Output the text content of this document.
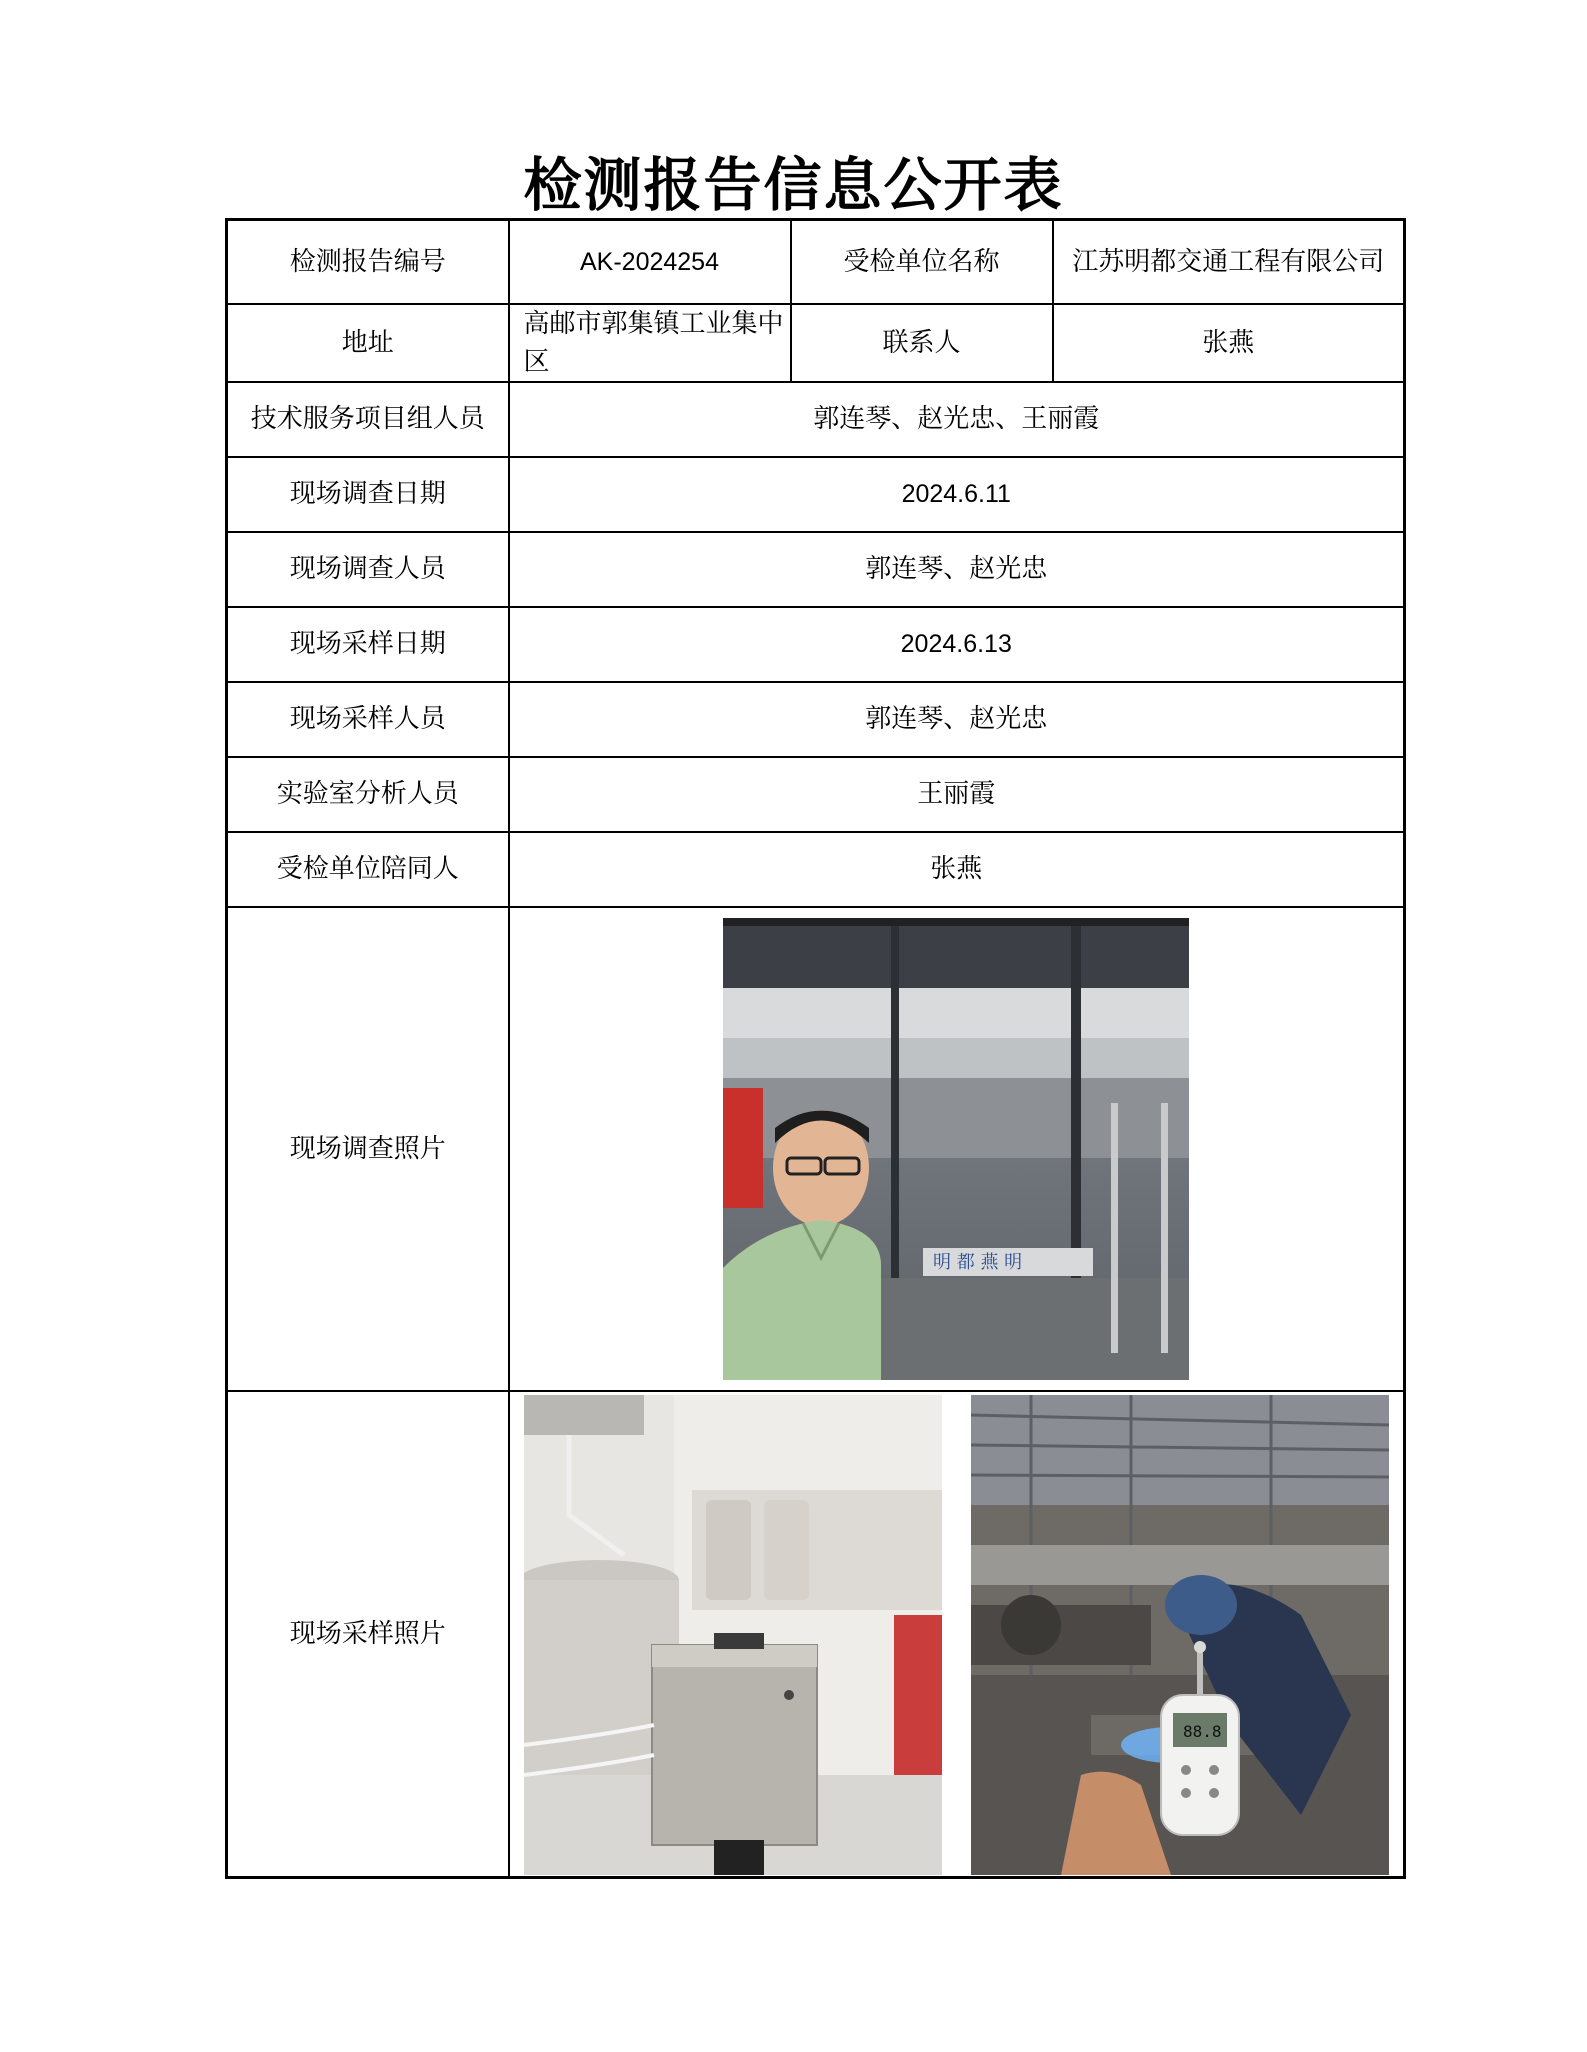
检测报告信息公开表
检测报告编号	AK-2024254	受检单位名称	江苏明都交通工程有限公司

地址	高邮市郭集镇工业集中区	联系人	张燕
技术服务项目组人员	郭连琴、赵光忠、王丽霞		
现场调查日期	2024.6.11		
现场调查人员	郭连琴、赵光忠		
现场采样日期	2024.6.13		
现场采样人员	郭连琴、赵光忠		
实验室分析人员	王丽霞		
受检单位陪同人	张燕		
现场调查照片	明 都 燕 明		

现场采样照片	88.8		
